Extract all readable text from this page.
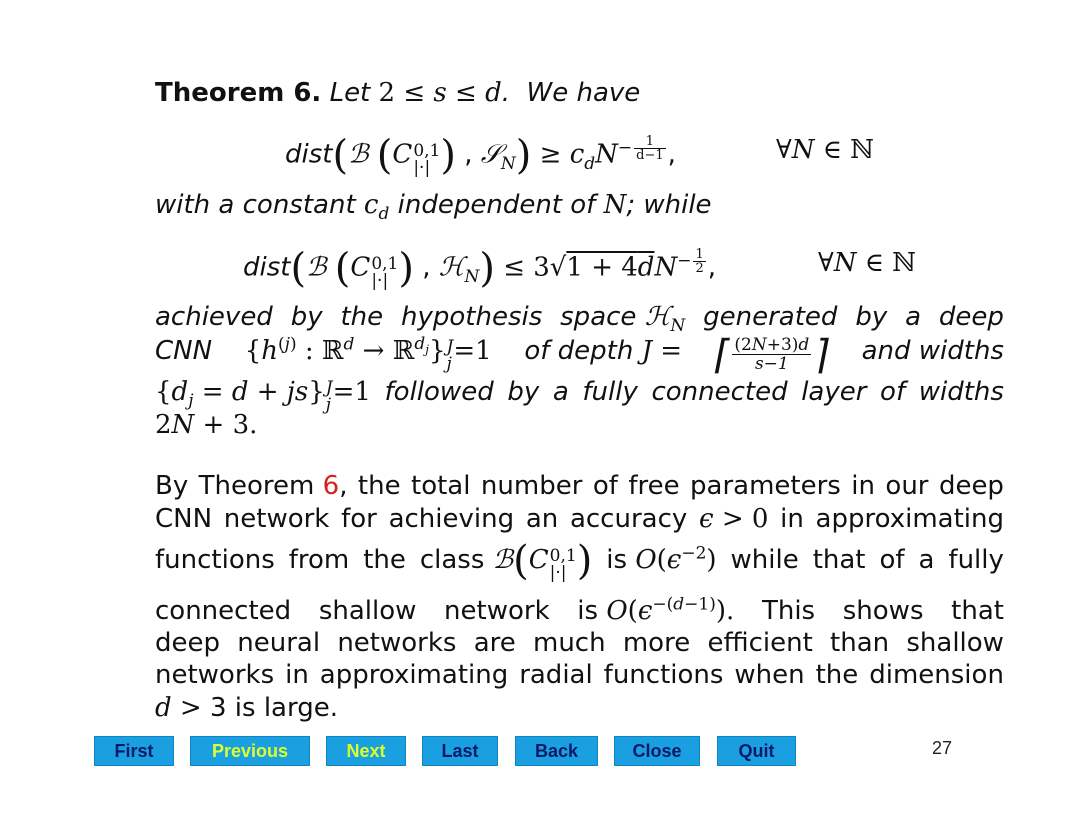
Theorem 6. Let 2 ≤ s ≤ d.  We have
dist(ℬ (C 0,1
|·| ) , 𝒮$_N$) ≥ $c_dN^{- \frac{1}{d-1}}$ ,	∀N ∈ ℕ
with a constant $c_d$ independent of N; while
dist(ℬ (C 0,1
|·| ) , ℋ$_N$) ≤ $3√1 + 4dN^{- \frac{1}{2}}$ ,	∀N ∈ ℕ
achieved by the hypothesis space ℋ$_N$ generated by a deep
CNN {$h^{(j)}$ : ℝ$^d$ → ℝ$^{d_j}$} J
j =1 of depth J = ⌈ $\frac{(2N+3)d}{s-1}$ ⌉ and widths
$\{d_j = d + js\}$ J
j =1 followed by a fully connected layer of widths
2N + 3.
By Theorem 6, the total number of free parameters in our deep
CNN network for achieving an accuracy ϵ > 0 in approximating
functions from the class ℬ(C 0,1
|·| ) is $O(\epsilon^{-2})$ while that of a fully
connected shallow network is $O(\epsilon^{-(d-1)})$. This shows that
deep neural networks are much more efficient than shallow
networks in approximating radial functions when the dimension
d > 3 is large.
First	Previous	Next	Last	Back	Close	Quit	27
